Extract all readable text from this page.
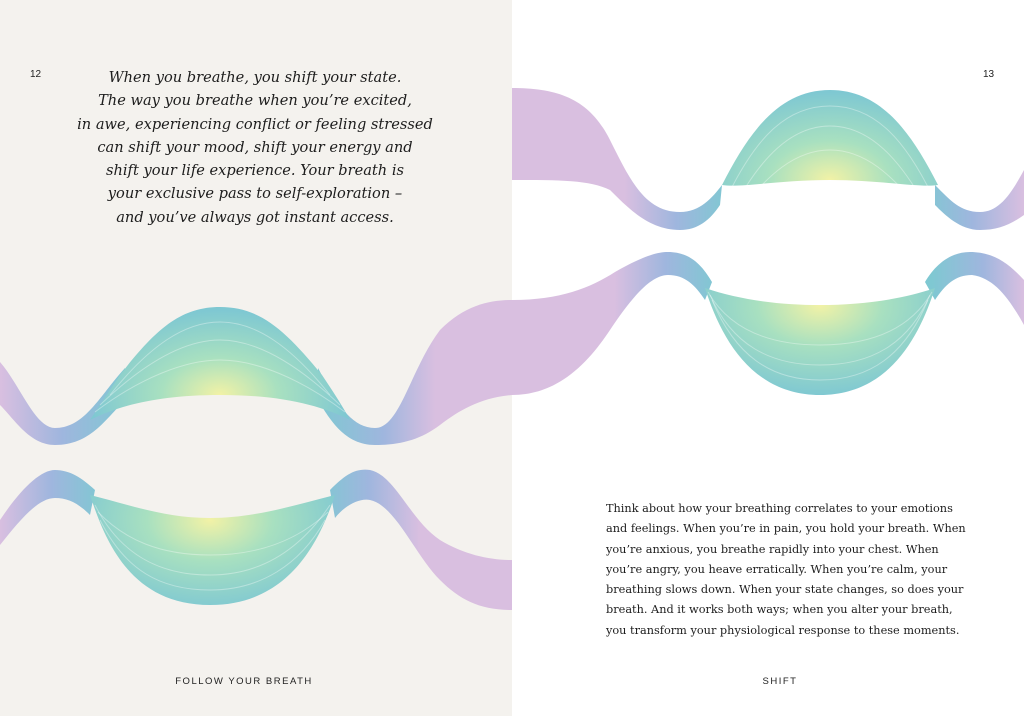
12	When you breathe, you shift your state.
The way you breathe when you’re excited,
in awe, experiencing conflict or feeling stressed
can shift your mood, shift your energy and
shift your life experience. Your breath is
your exclusive pass to self-exploration –
and you’ve always got instant access.

FOLLOW YOUR BREATH
13

Think about how your breathing correlates to your emotions
and feelings. When you’re in pain, you hold your breath. When
you’re anxious, you breathe rapidly into your chest. When
you’re angry, you heave erratically. When you’re calm, your
breathing slows down. When your state changes, so does your
breath. And it works both ways; when you alter your breath,
you transform your physiological response to these moments.

SHIFT
